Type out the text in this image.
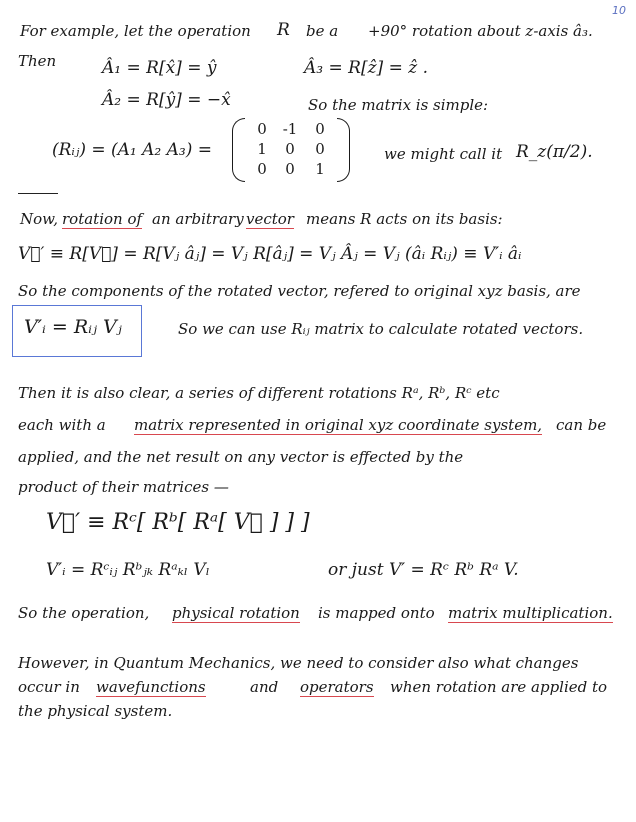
10
For example, let the operation R be a +90° rotation about z-axis â₃.
Then	Â₁ = R[x̂] = ŷ	Â₃ = R[ẑ] = ẑ .
Â₂ = R[ŷ] = −x̂	So the matrix is simple:
(Rᵢⱼ) = (A₁ A₂ A₃) =
0	-1	0
1	0	0
0	0	1
we might call it R_z(π/2).
Now, rotation of an arbitrary vector means R acts on its basis:
V⃗′ ≡ R[V⃗] = R[Vⱼ âⱼ] = Vⱼ R[âⱼ] = Vⱼ Âⱼ = Vⱼ (âᵢ Rᵢⱼ) ≡ V′ᵢ âᵢ
So the components of the rotated vector, refered to original xyz basis, are
V′ᵢ = Rᵢⱼ Vⱼ	So we can use Rᵢⱼ matrix to calculate rotated vectors.
Then it is also clear, a series of different rotations Rᵃ, Rᵇ, Rᶜ etc
each with a matrix represented in original xyz coordinate system, can be
applied, and the net result on any vector is effected by the
product of their matrices —
V⃗′ ≡ Rᶜ[ Rᵇ[ Rᵃ[ V⃗ ] ] ]
V′ᵢ = Rᶜᵢⱼ Rᵇⱼₖ Rᵃₖₗ Vₗ	or just V′ = Rᶜ Rᵇ Rᵃ V.
So the operation, physical rotation is mapped onto matrix multiplication.
However, in Quantum Mechanics, we need to consider also what changes
occur in wavefunctions	and operators when rotation are applied to
the physical system.
